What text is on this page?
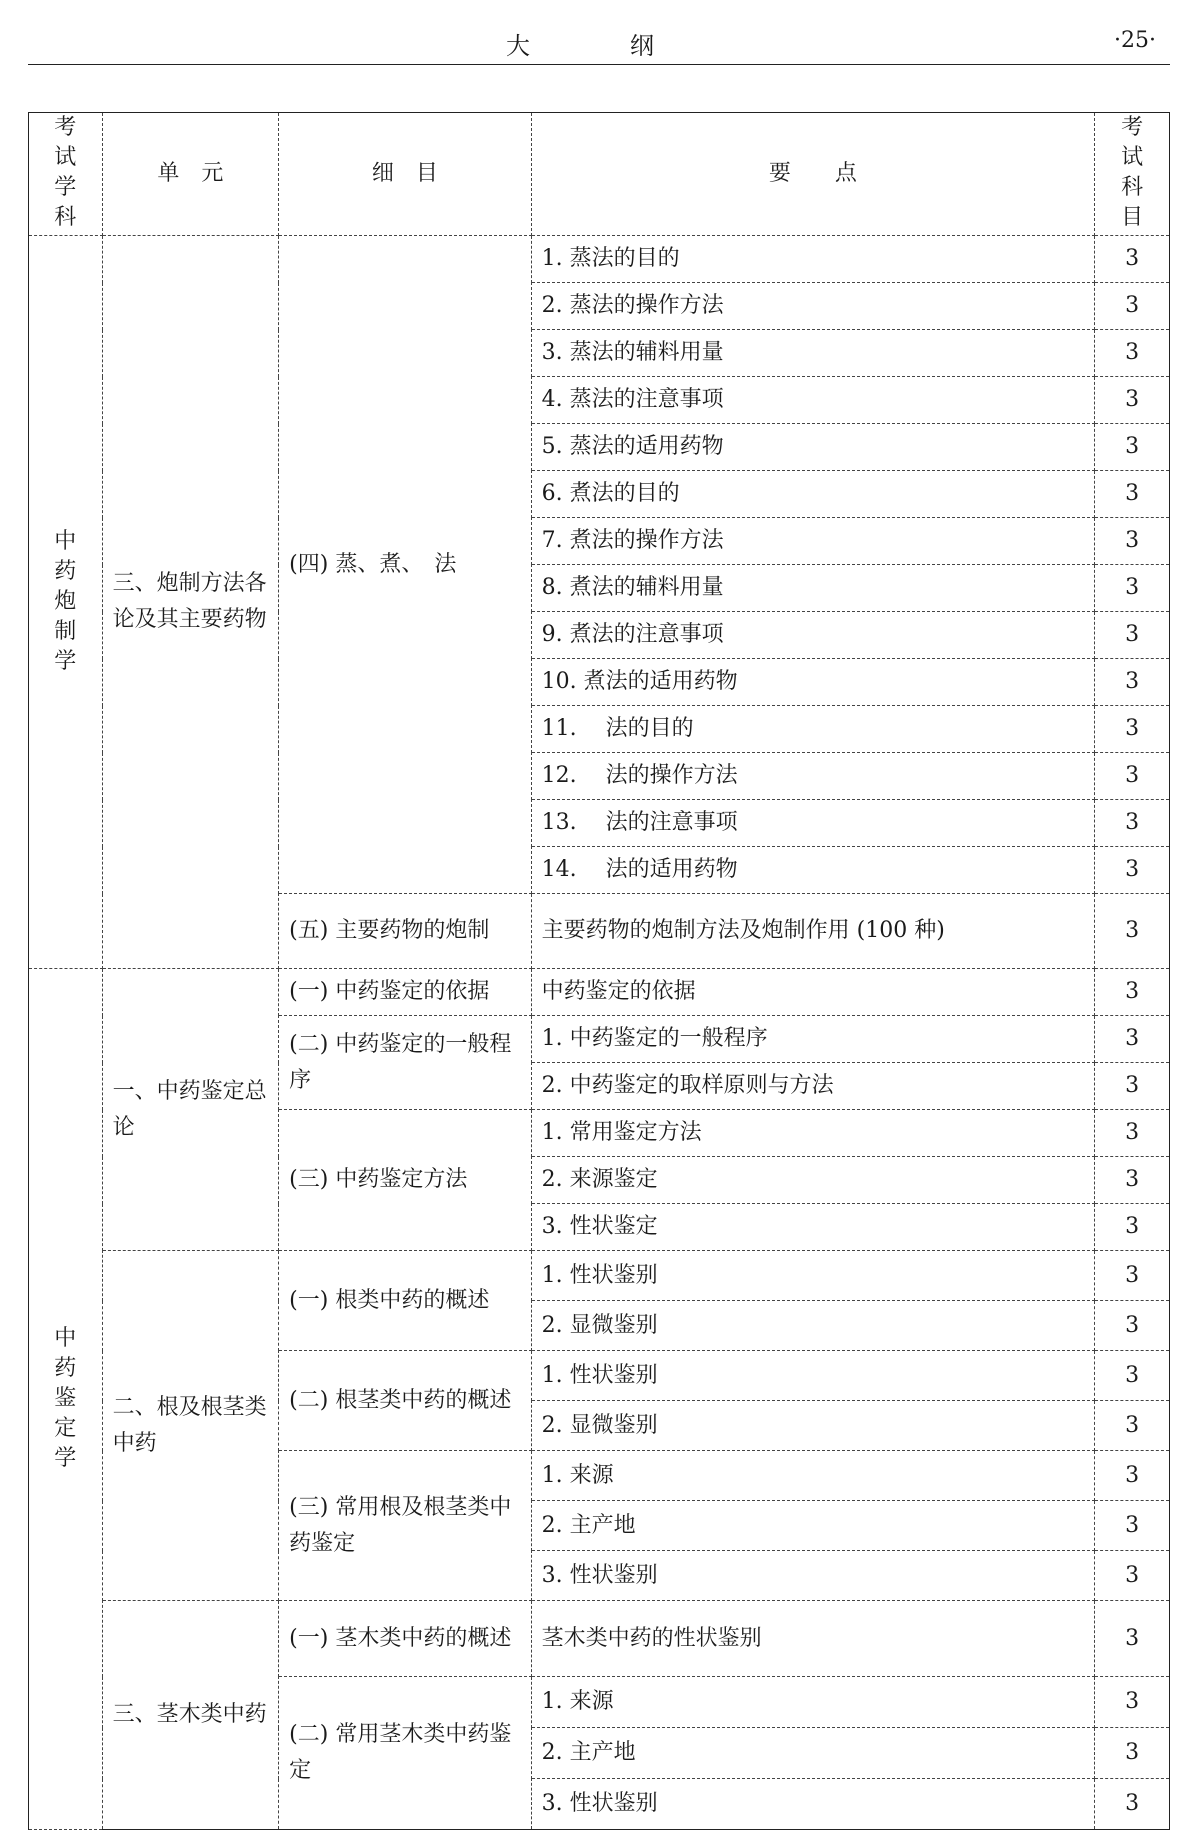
大　纲	·25·
考试学科	单　元	细　目	要　　点	考试科目
中药炮制学	三、炮制方法各论及其主要药物	(四) 蒸、煮、　法	1. 蒸法的目的	3
			2. 蒸法的操作方法	3
			3. 蒸法的辅料用量	3
			4. 蒸法的注意事项	3
			5. 蒸法的适用药物	3
			6. 煮法的目的	3
			7. 煮法的操作方法	3
			8. 煮法的辅料用量	3
			9. 煮法的注意事项	3
			10. 煮法的适用药物	3
			11. 　法的目的	3
			12. 　法的操作方法	3
			13. 　法的注意事项	3
			14. 　法的适用药物	3
		(五) 主要药物的炮制	主要药物的炮制方法及炮制作用 (100 种)	3
中药鉴定学	一、中药鉴定总论	(一) 中药鉴定的依据	中药鉴定的依据	3
		(二) 中药鉴定的一般程序	1. 中药鉴定的一般程序	3
			2. 中药鉴定的取样原则与方法	3
		(三) 中药鉴定方法	1. 常用鉴定方法	3
			2. 来源鉴定	3
			3. 性状鉴定	3
	二、根及根茎类中药	(一) 根类中药的概述	1. 性状鉴别	3
			2. 显微鉴别	3
		(二) 根茎类中药的概述	1. 性状鉴别	3
			2. 显微鉴别	3
		(三) 常用根及根茎类中药鉴定	1. 来源	3
			2. 主产地	3
			3. 性状鉴别	3
	三、茎木类中药	(一) 茎木类中药的概述	茎木类中药的性状鉴别	3
		(二) 常用茎木类中药鉴定	1. 来源	3
			2. 主产地	3
			3. 性状鉴别	3
